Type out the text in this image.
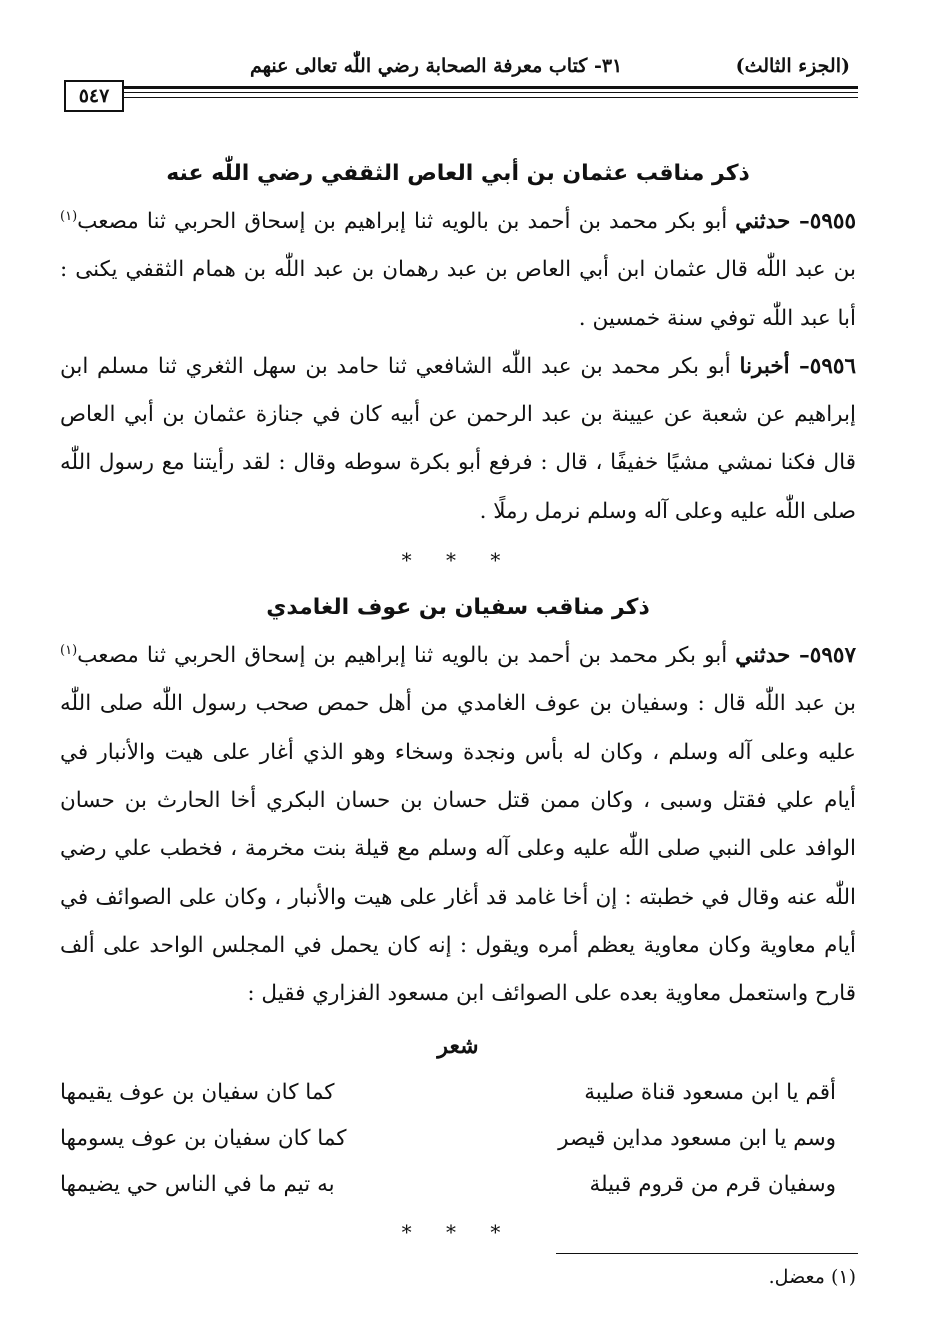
٣١- كتاب معرفة الصحابة رضي اللّٰه تعالى عنهم	(الجزء الثالث)
٥٤٧
ذكر مناقب عثمان بن أبي العاص الثقفي رضي اللّٰه عنه

٥٩٥٥– حدثني أبو بكر محمد بن أحمد بن بالويه ثنا إبراهيم بن إسحاق الحربي ثنا مصعب$^{(١)}$ بن عبد اللّٰه قال عثمان ابن أبي العاص بن عبد رهمان بن عبد اللّٰه بن همام الثقفي يكنى : أبا عبد اللّٰه توفي سنة خمسين .

٥٩٥٦– أخبرنا أبو بكر محمد بن عبد اللّٰه الشافعي ثنا حامد بن سهل الثغري ثنا مسلم ابن إبراهيم عن شعبة عن عيينة بن عبد الرحمن عن أبيه كان في جنازة عثمان بن أبي العاص قال فكنا نمشي مشيًا خفيفًا ، قال : فرفع أبو بكرة سوطه وقال : لقد رأيتنا مع رسول اللّٰه صلى اللّٰه عليه وعلى آله وسلم نرمل رملًا .

* * *

ذكر مناقب سفيان بن عوف الغامدي

٥٩٥٧– حدثني أبو بكر محمد بن أحمد بن بالويه ثنا إبراهيم بن إسحاق الحربي ثنا مصعب$^{(١)}$ بن عبد اللّٰه قال : وسفيان بن عوف الغامدي من أهل حمص صحب رسول اللّٰه صلى اللّٰه عليه وعلى آله وسلم ، وكان له بأس ونجدة وسخاء وهو الذي أغار على هيت والأنبار في أيام علي فقتل وسبى ، وكان ممن قتل حسان بن حسان البكري أخا الحارث بن حسان الوافد على النبي صلى اللّٰه عليه وعلى آله وسلم مع قيلة بنت مخرمة ، فخطب علي رضي اللّٰه عنه وقال في خطبته : إن أخا غامد قد أغار على هيت والأنبار ، وكان على الصوائف في أيام معاوية وكان معاوية يعظم أمره ويقول : إنه كان يحمل في المجلس الواحد على ألف قارح واستعمل معاوية بعده على الصوائف ابن مسعود الفزاري فقيل :

شعر

أقم يا ابن مسعود قناة صليبة
كما كان سفيان بن عوف يقيمها
وسم يا ابن مسعود مداين قيصر
كما كان سفيان بن عوف يسومها
وسفيان قرم من قروم قبيلة
به تيم ما في الناس حي يضيمها

* * *

(١) معضل.
